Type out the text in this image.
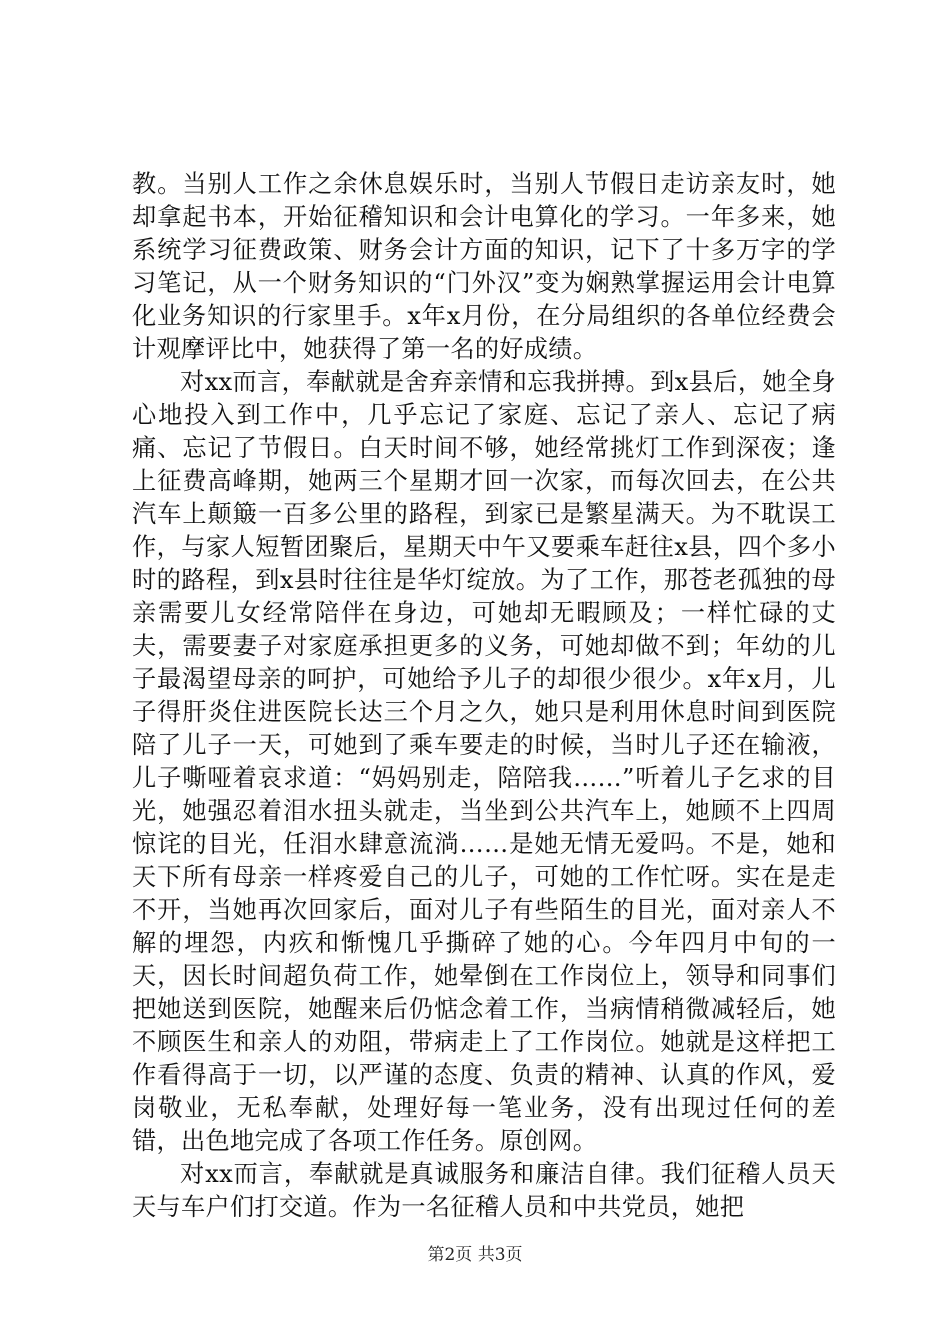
教。当别人工作之余休息娱乐时，当别人节假日走访亲友时，她却拿起书本，开始征稽知识和会计电算化的学习。一年多来，她系统学习征费政策、财务会计方面的知识，记下了十多万字的学习笔记，从一个财务知识的“门外汉”变为娴熟掌握运用会计电算化业务知识的行家里手。x年x月份，在分局组织的各单位经费会计观摩评比中，她获得了第一名的好成绩。

对xx而言，奉献就是舍弃亲情和忘我拼搏。到x县后，她全身心地投入到工作中，几乎忘记了家庭、忘记了亲人、忘记了病痛、忘记了节假日。白天时间不够，她经常挑灯工作到深夜；逢上征费高峰期，她两三个星期才回一次家，而每次回去，在公共汽车上颠簸一百多公里的路程，到家已是繁星满天。为不耽误工作，与家人短暂团聚后，星期天中午又要乘车赶往x县，四个多小时的路程，到x县时往往是华灯绽放。为了工作，那苍老孤独的母亲需要儿女经常陪伴在身边，可她却无暇顾及；一样忙碌的丈夫，需要妻子对家庭承担更多的义务，可她却做不到；年幼的儿子最渴望母亲的呵护，可她给予儿子的却很少很少。x年x月，儿子得肝炎住进医院长达三个月之久，她只是利用休息时间到医院陪了儿子一天，可她到了乘车要走的时候，当时儿子还在输液，儿子嘶哑着哀求道：“妈妈别走，陪陪我……”听着儿子乞求的目光，她强忍着泪水扭头就走，当坐到公共汽车上，她顾不上四周惊诧的目光，任泪水肆意流淌……是她无情无爱吗。不是，她和天下所有母亲一样疼爱自己的儿子，可她的工作忙呀。实在是走不开，当她再次回家后，面对儿子有些陌生的目光，面对亲人不解的埋怨，内疚和惭愧几乎撕碎了她的心。今年四月中旬的一天，因长时间超负荷工作，她晕倒在工作岗位上，领导和同事们把她送到医院，她醒来后仍惦念着工作，当病情稍微减轻后，她不顾医生和亲人的劝阻，带病走上了工作岗位。她就是这样把工作看得高于一切，以严谨的态度、负责的精神、认真的作风，爱岗敬业，无私奉献，处理好每一笔业务，没有出现过任何的差错，出色地完成了各项工作任务。原创网。

对xx而言，奉献就是真诚服务和廉洁自律。我们征稽人员天天与车户们打交道。作为一名征稽人员和中共党员，她把

第2页 共3页
